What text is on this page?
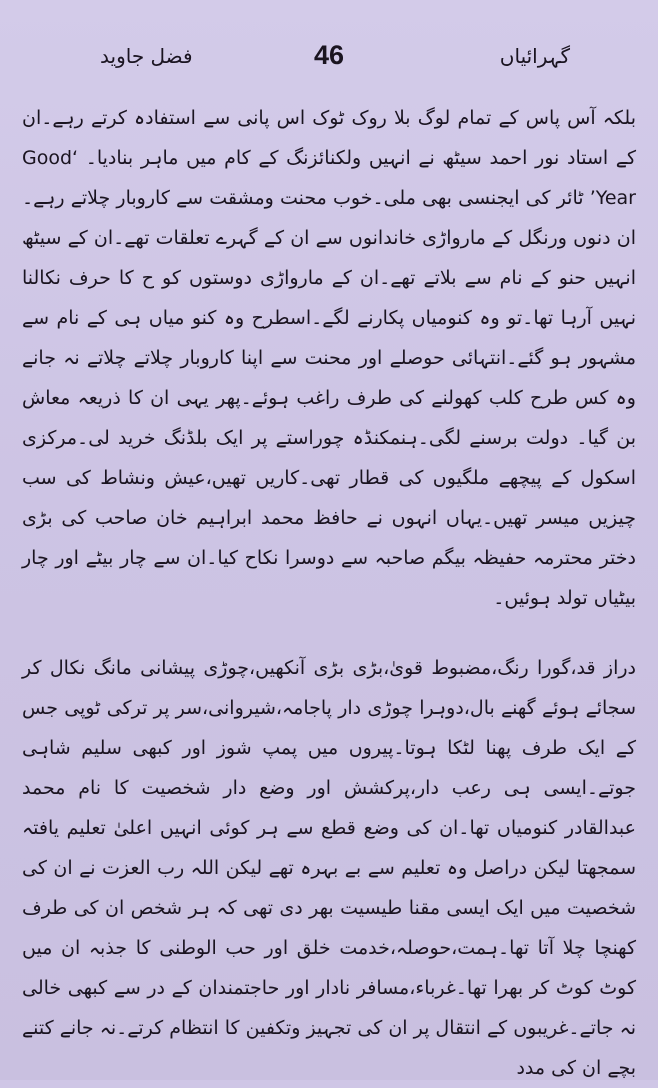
فضل جاوید	46	گہرائیاں

بلکہ آس پاس کے تمام لوگ بلا روک ٹوک اس پانی سے استفادہ کرتے رہے۔ان کے استاد نور احمد سیٹھ نے انہیں ولکنائزنگ کے کام میں ماہر بنادیا۔ ‘Good Year’ ٹائر کی ایجنسی بھی ملی۔خوب محنت ومشقت سے کاروبار چلاتے رہے۔ان دنوں ورنگل کے مارواڑی خاندانوں سے ان کے گہرے تعلقات تھے۔ان کے سیٹھ انہیں حنو کے نام سے بلاتے تھے۔ان کے مارواڑی دوستوں کو ح کا حرف نکالنا نہیں آرہا تھا۔تو وہ کنومیاں پکارنے لگے۔اسطرح وہ کنو میاں ہی کے نام سے مشہور ہو گئے۔انتہائی حوصلے اور محنت سے اپنا کاروبار چلاتے چلاتے نہ جانے وہ کس طرح کلب کھولنے کی طرف راغب ہوئے۔پھر یہی ان کا ذریعہ معاش بن گیا۔ دولت برسنے لگی۔ہنمکنڈہ چوراستے پر ایک بلڈنگ خرید لی۔مرکزی اسکول کے پیچھے ملگیوں کی قطار تھی۔کاریں تھیں،عیش ونشاط کی سب چیزیں میسر تھیں۔یہاں انہوں نے حافظ محمد ابراہیم خان صاحب کی بڑی دختر محترمہ حفیظہ بیگم صاحبہ سے دوسرا نکاح کیا۔ان سے چار بیٹے اور چار بیٹیاں تولد ہوئیں۔

دراز قد،گورا رنگ،مضبوط قویٰ،بڑی بڑی آنکھیں،چوڑی پیشانی مانگ نکال کر سجائے ہوئے گھنے بال،دوہرا چوڑی دار پاجامہ،شیروانی،سر پر ترکی ٹوپی جس کے ایک طرف پھنا لٹکا ہوتا۔پیروں میں پمپ شوز اور کبھی سلیم شاہی جوتے۔ایسی ہی رعب دار،پرکشش اور وضع دار شخصیت کا نام محمد عبدالقادر کنومیاں تھا۔ان کی وضع قطع سے ہر کوئی انہیں اعلیٰ تعلیم یافتہ سمجھتا لیکن دراصل وہ تعلیم سے بے بہرہ تھے لیکن اللہ رب العزت نے ان کی شخصیت میں ایک ایسی مقنا طیسیت بھر دی تھی کہ ہر شخص ان کی طرف کھنچا چلا آتا تھا۔ہمت،حوصلہ،خدمت خلق اور حب الوطنی کا جذبہ ان میں کوٹ کوٹ کر بھرا تھا۔غرباء،مسافر نادار اور حاجتمندان کے در سے کبھی خالی نہ جاتے۔غریبوں کے انتقال پر ان کی تجہیز وتکفین کا انتظام کرتے۔نہ جانے کتنے بچے ان کی مدد
